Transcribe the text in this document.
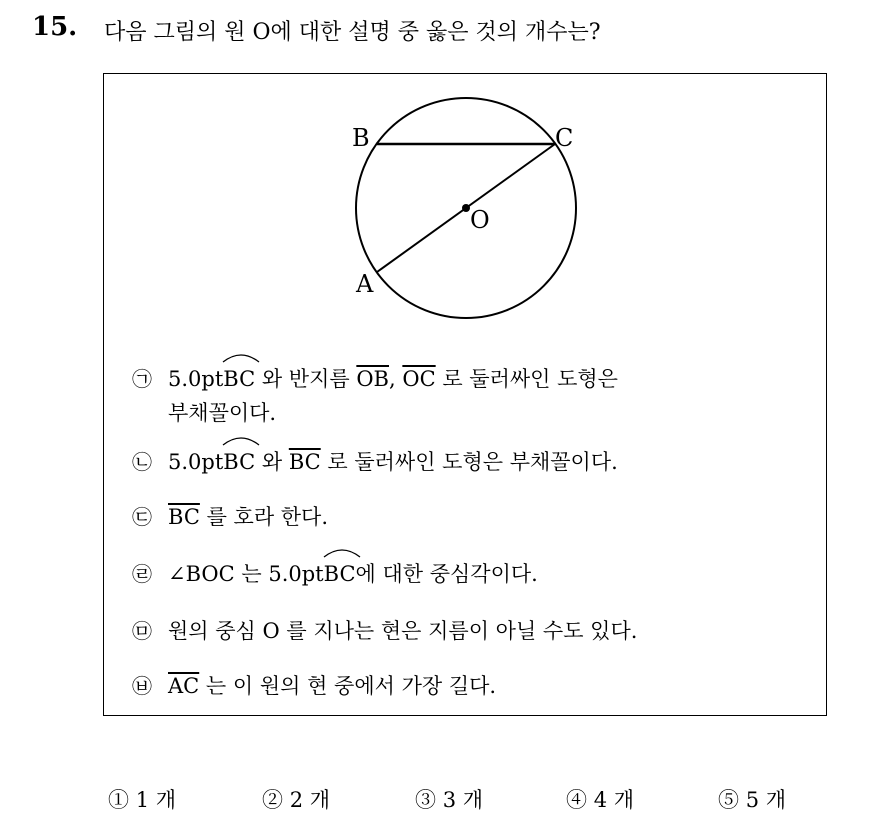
15. 다음 그림의 원 O에 대한 설명 중 옳은 것의 개수는?
B	C
O
A
㉠ 5.0pt
BC 와 반지름 $\overline{OB}$, $\overline{OC}$ 로 둘러싸인 도형은
부채꼴이다.
㉡ 5.0pt
BC 와 $\overline{BC}$ 로 둘러싸인 도형은 부채꼴이다.
㉢ $\overline{BC}$ 를 호라 한다.
㉣ ∠BOC 는 5.0pt
BC에 대한 중심각이다.
㉤ 원의 중심 O 를 지나는 현은 지름이 아닐 수도 있다.
㉥ $\overline{AC}$ 는 이 원의 현 중에서 가장 길다.
① 1 개	② 2 개	③ 3 개	④ 4 개	⑤ 5 개
